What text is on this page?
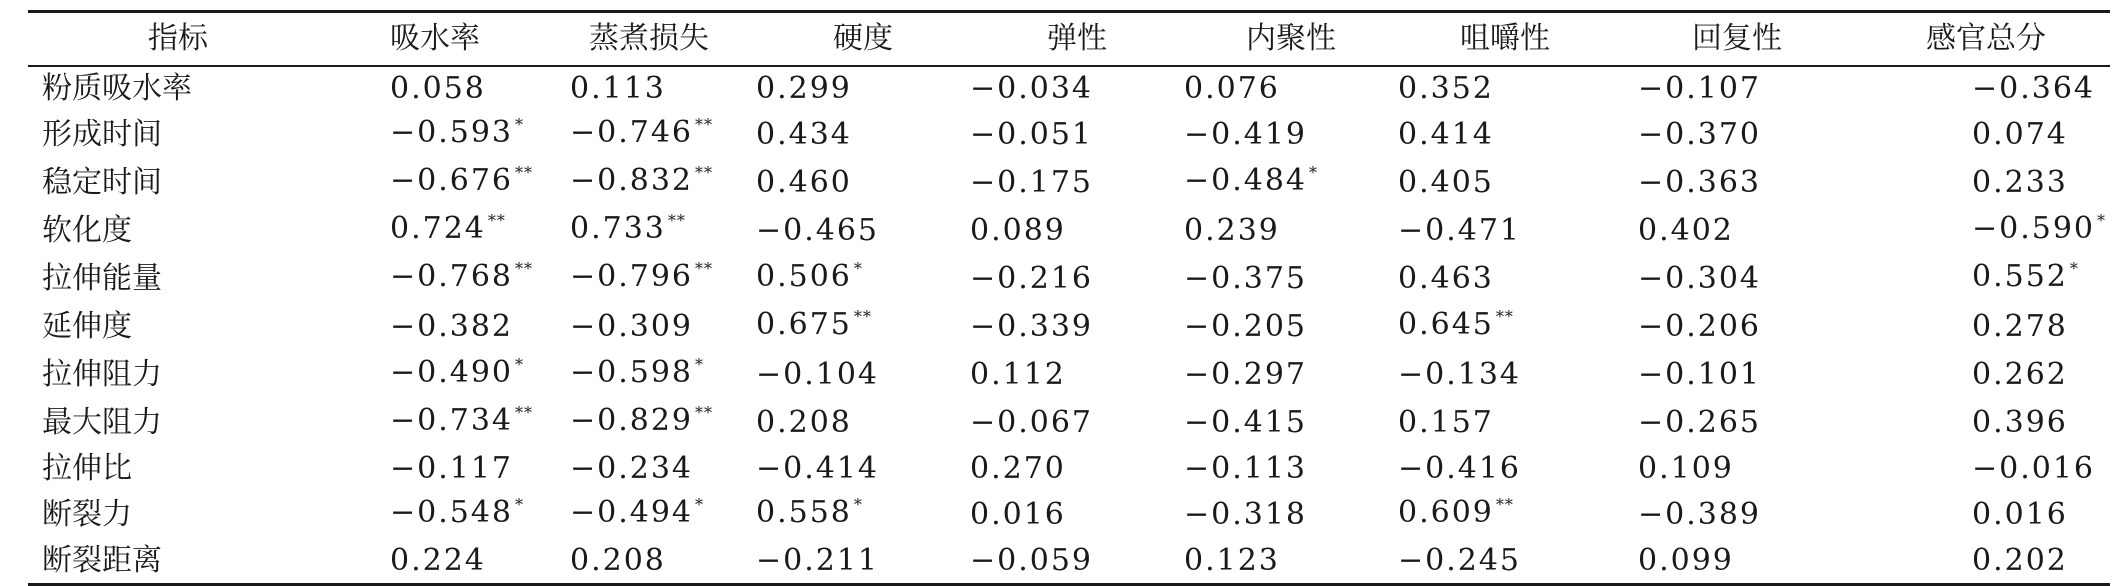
指标	吸水率	蒸煮损失	硬度	弹性	内聚性	咀嚼性	回复性	感官总分
粉质吸水率	0.058	0.113	0.299	−0.034	0.076	0.352	−0.107	−0.364
形成时间	−0.593 *	−0.746 **	0.434	−0.051	−0.419	0.414	−0.370	0.074
稳定时间	−0.676 **	−0.832 **	0.460	−0.175	−0.484 *	0.405	−0.363	0.233
软化度	0.724 **	0.733 **	−0.465	0.089	0.239	−0.471	0.402	−0.590 *
拉伸能量	−0.768 **	−0.796 **	0.506 *	−0.216	−0.375	0.463	−0.304	0.552 *
延伸度	−0.382	−0.309	0.675 **	−0.339	−0.205	0.645 **	−0.206	0.278
拉伸阻力	−0.490 *	−0.598 *	−0.104	0.112	−0.297	−0.134	−0.101	0.262
最大阻力	−0.734 **	−0.829 **	0.208	−0.067	−0.415	0.157	−0.265	0.396
拉伸比	−0.117	−0.234	−0.414	0.270	−0.113	−0.416	0.109	−0.016
断裂力	−0.548 *	−0.494 *	0.558 *	0.016	−0.318	0.609 **	−0.389	0.016
断裂距离	0.224	0.208	−0.211	−0.059	0.123	−0.245	0.099	0.202
